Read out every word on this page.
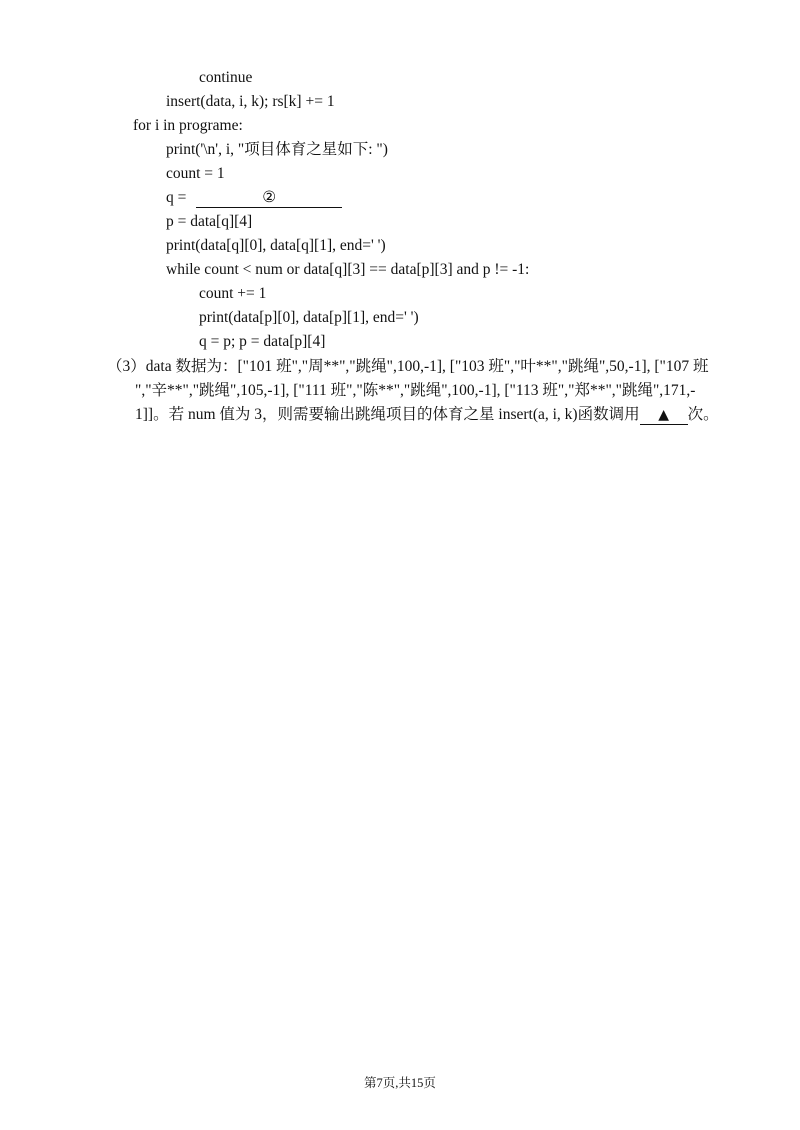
continue
insert(data, i, k); rs[k] += 1
for i in programe:
print('\n', i, "项目体育之星如下: ")
count = 1
q =	②
p = data[q][4]
print(data[q][0], data[q][1], end=' ')
while count < num or data[q][3] == data[p][3] and p != -1:
count += 1
print(data[p][0], data[p][1], end=' ')
q = p; p = data[p][4]
（3）data 数据为：["101 班","周**","跳绳",100,-1], ["103 班","叶**","跳绳",50,-1], ["107 班
","辛**","跳绳",105,-1], ["111 班","陈**","跳绳",100,-1], ["113 班","郑**","跳绳",171,-
1]]。若 num 值为 3，则需要输出跳绳项目的体育之星 insert(a, i, k)函数调用 ▲ 次。
第7页,共15页
